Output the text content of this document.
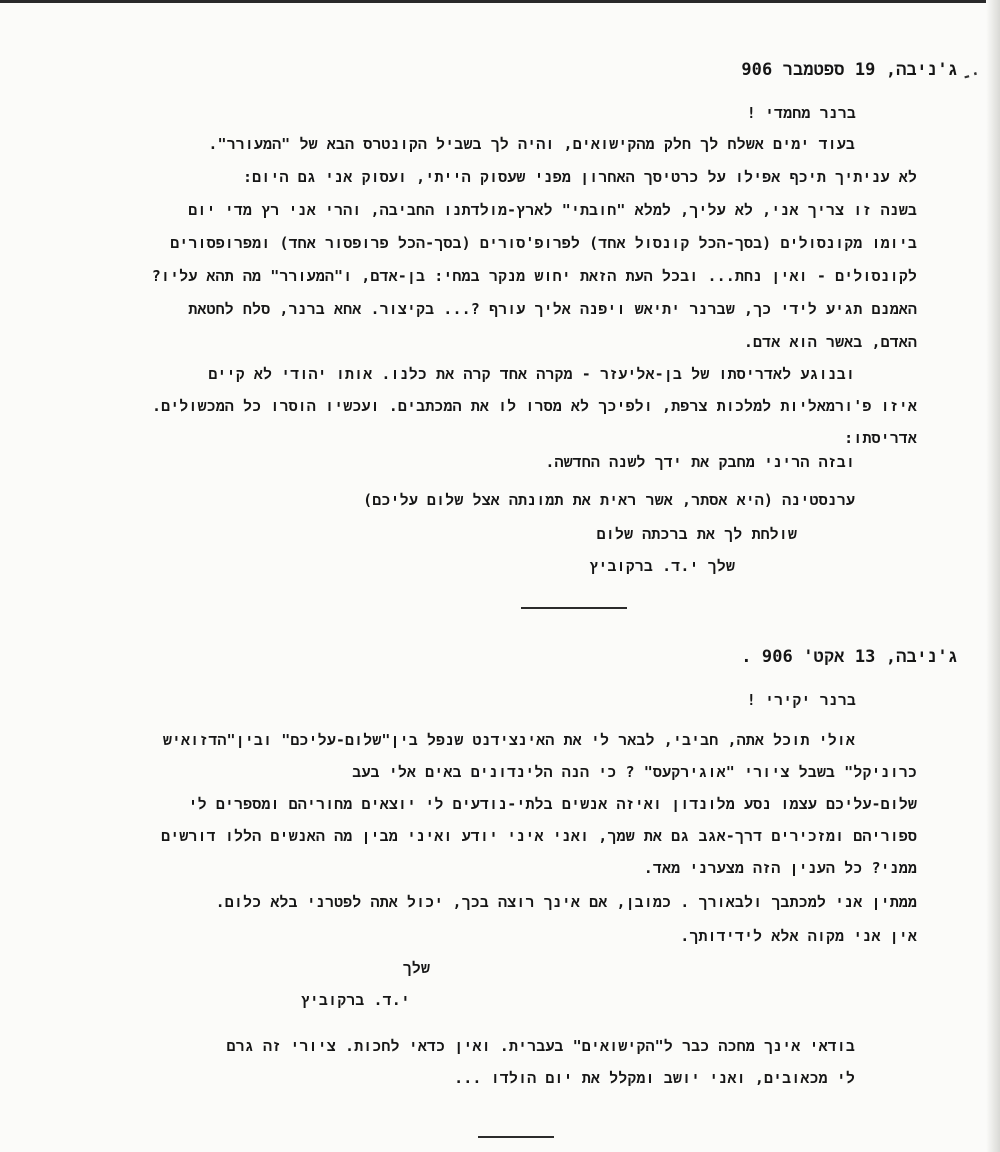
-·
ג'ניבה, 19 ספטמבר 906
ברנר מחמדי !
בעוד ימים אשלח לך חלק מהקישואים, והיה לך בשביל הקונטרס הבא של "המעורר".
לא עניתיך תיכף אפילו על כרטיסך האחרון מפני שעסוק הייתי, ועסוק אני גם היום:
בשנה זו צריך אני, לא עליך, למלא "חובתי" לארץ-מולדתנו החביבה, והרי אני רץ מדי יום
ביומו מקונסולים (בסך-הכל קונסול אחד) לפרופ'סורים (בסך-הכל פרופסור אחד) ומפרופסורים
לקונסולים - ואין נחת... ובכל העת הזאת יחוש מנקר במחי: בן-אדם, ו"המעורר" מה תהא עליו?
האמנם תגיע לידי כך, שברנר יתיאש ויפנה אליך עורף ?... בקיצור. אחא ברנר, סלח לחטאת
האדם, באשר הוא אדם.
ובנוגע לאדריסתו של בן-אליעזר - מקרה אחד קרה את כלנו. אותו יהודי לא קיים
איזו פ'ורמאליות למלכות צרפת, ולפיכך לא מסרו לו את המכתבים. ועכשיו הוסרו כל המכשולים.
אדריסתו:
ובזה הריני מחבק את ידך לשנה החדשה.
ערנסטינה (היא אסתר, אשר ראית את תמונתה אצל שלום עליכם)
שולחת לך את ברכתה שלום
שלך י.ד. ברקוביץ
ג'ניבה, 13 אקט' 906 .
ברנר יקירי !
אולי תוכל אתה, חביבי, לבאר לי את האינצידנט שנפל בין"שלום-עליכם" ובין"הדזואיש
כרוניקל" בשבל ציורי "אוגירקעס" ? כי הנה הלינדונים באים אלי בעב
שלום-עליכם עצמו נסע מלונדון ואיזה אנשים בלתי-נודעים לי יוצאים מחוריהם ומספרים לי
ספוריהם ומזכירים דרך-אגב גם את שמך, ואני איני יודע ואיני מבין מה האנשים הללו דורשים
ממני? כל הענין הזה מצערני מאד.
ממתין אני למכתבך ולבאורך . כמובן, אם אינך רוצה בכך, יכול אתה לפטרני בלא כלום.
אין אני מקוה אלא לידידותך.
שלך
י.ד. ברקוביץ
בודאי אינך מחכה כבר ל"הקישואים" בעברית. ואין כדאי לחכות. ציורי זה גרם
לי מכאובים, ואני יושב ומקלל את יום הולדו ...
